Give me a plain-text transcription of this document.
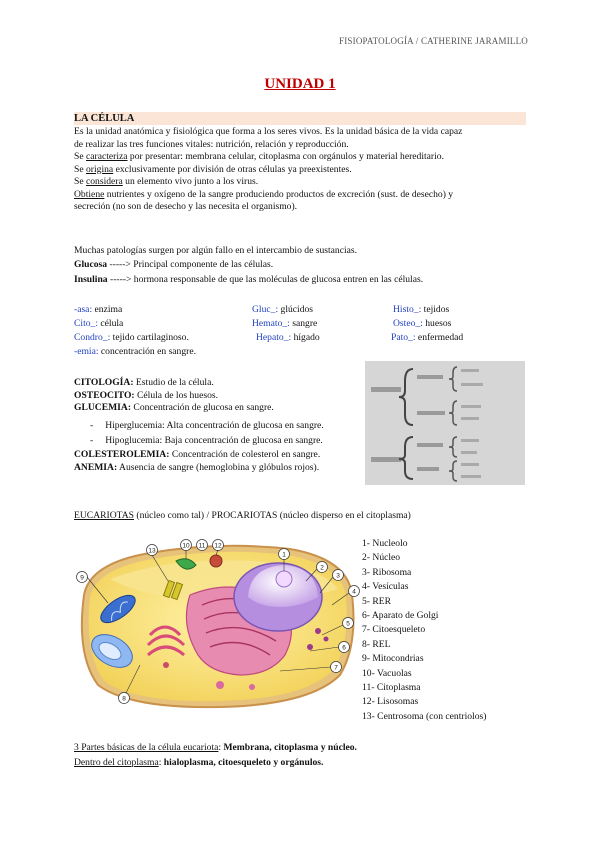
FISIOPATOLOGÍA / CATHERINE JARAMILLO
UNIDAD 1
LA CÉLULA
Es la unidad anatómica y fisiológica que forma a los seres vivos. Es la unidad básica de la vida capaz
de realizar las tres funciones vitales: nutrición, relación y reproducción.
Se caracteriza por presentar: membrana celular, citoplasma con orgánulos y material hereditario.
Se origina exclusivamente por división de otras células ya preexistentes.
Se considera un elemento vivo junto a los virus.
Obtiene nutrientes y oxígeno de la sangre produciendo productos de excreción (sust. de desecho) y
secreción (no son de desecho y las necesita el organismo).
Muchas patologías surgen por algún fallo en el intercambio de sustancias.
Glucosa -----> Principal componente de las células.
Insulina -----> hormona responsable de que las moléculas de glucosa entren en las células.
-asa: enzima	Gluc_: glúcidos	Histo_: tejidos
Cito_: célula	Hemato_: sangre	Osteo_: huesos
Condro_: tejido cartilaginoso.	Hepato_: hígado	Pato_: enfermedad
-emia: concentración en sangre.
CITOLOGÍA: Estudio de la célula.
OSTEOCITO: Célula de los huesos.
GLUCEMIA: Concentración de glucosa en sangre.
-     Hiperglucemia: Alta concentración de glucosa en sangre.
-     Hipoglucemia: Baja concentración de glucosa en sangre.
COLESTEROLEMIA: Concentración de colesterol en sangre.
ANEMIA: Ausencia de sangre (hemoglobina y glóbulos rojos).
EUCARIOTAS (núcleo como tal) / PROCARIOTAS (núcleo disperso en el citoplasma)
13
10 11 12
1
9
2
3
4
5
6
7
8
1- Nucleolo
2- Núcleo
3- Ribosoma
4- Vesículas
5- RER
6- Aparato de Golgi
7- Citoesqueleto
8- REL
9- Mitocondrias
10- Vacuolas
11- Citoplasma
12- Lisosomas
13- Centrosoma (con centriolos)
3 Partes básicas de la célula eucariota: Membrana, citoplasma y núcleo.
Dentro del citoplasma: hialoplasma, citoesqueleto y orgánulos.
